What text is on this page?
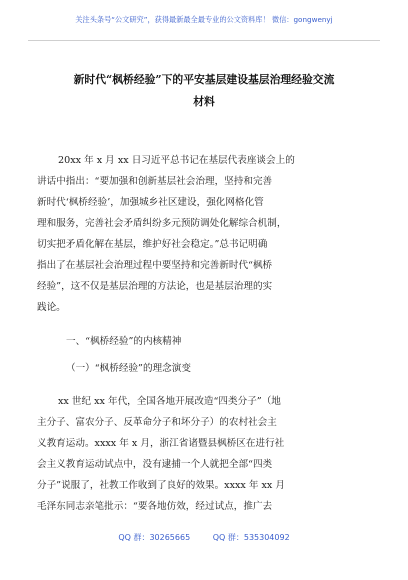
关注头条号“公文研究”，获得最新最全最专业的公文资料库！ 微信：gongwenyj
新时代“枫桥经验”下的平安基层建设基层治理经验交流
材料
20xx 年 x 月 xx 日习近平总书记在基层代表座谈会上的
讲话中指出：“要加强和创新基层社会治理，坚持和完善
新时代‘枫桥经验’，加强城乡社区建设，强化网格化管
理和服务，完善社会矛盾纠纷多元预防调处化解综合机制，
切实把矛盾化解在基层，维护好社会稳定。”总书记明确
指出了在基层社会治理过程中要坚持和完善新时代“枫桥
经验”，这不仅是基层治理的方法论，也是基层治理的实
践论。
一、“枫桥经验”的内核精神
（一）“枫桥经验”的理念演变
xx 世纪 xx 年代，全国各地开展改造“四类分子”（地
主分子、富农分子、反革命分子和坏分子）的农村社会主
义教育运动。xxxx 年 x 月，浙江省诸暨县枫桥区在进行社
会主义教育运动试点中，没有逮捕一个人就把全部“四类
分子”说服了，社教工作收到了良好的效果。xxxx 年 xx 月
毛泽东同志亲笔批示：“要各地仿效，经过试点，推广去
QQ 群：30265665	QQ 群：535304092
